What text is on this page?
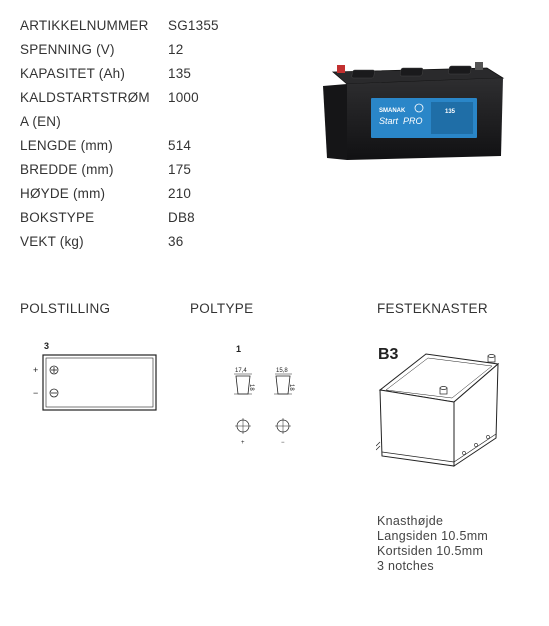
ARTIKKELNUMMER	SG1355
SPENNING (V)	12
KAPASITET (Ah)	135
KALDSTARTSTRØM	1000
A (EN)
LENGDE (mm)	514
BREDDE (mm)	175
HØYDE (mm)	210
BOKSTYPE	DB8
VEKT (kg)	36
SMANAK
Start PRO
135
POLSTILLING	POLTYPE	FESTEKNASTER
3
+
−
1
17,4	15,8
18	18
+	−
B3
Knasthøjde
Langsiden 10.5mm
Kortsiden 10.5mm
3 notches
